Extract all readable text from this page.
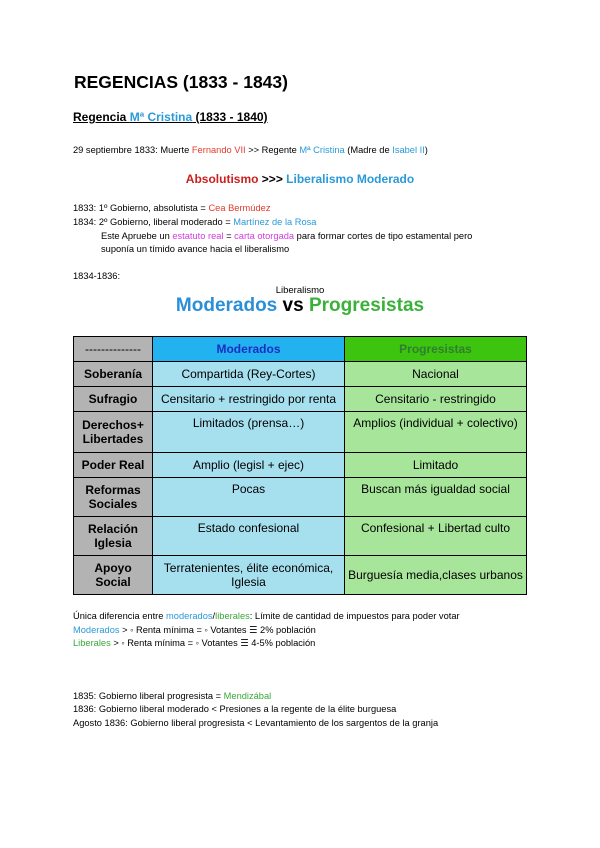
REGENCIAS (1833 - 1843)
Regencia Mª Cristina (1833 - 1840)
29 septiembre 1833: Muerte Fernando VII >> Regente Mª Cristina (Madre de Isabel II)
Absolutismo >>> Liberalismo Moderado
1833: 1º Gobierno, absolutista = Cea Bermúdez
1834: 2º Gobierno, liberal moderado = Martínez de la Rosa
Este Apruebe un estatuto real = carta otorgada para formar cortes de tipo estamental pero
suponía un tímido avance hacia el liberalismo
1834-1836:
Liberalismo
Moderados vs Progresistas
--------------	Moderados	Progresistas
Soberanía	Compartida (Rey-Cortes)	Nacional
Sufragio	Censitario + restringido por renta	Censitario - restringido
Derechos+ Libertades	Limitados (prensa…)	Amplios (individual + colectivo)
Poder Real	Amplio (legisl + ejec)	Limitado
Reformas Sociales	Pocas	Buscan más igualdad social
Relación Iglesia	Estado confesional	Confesional + Libertad culto
Apoyo Social	Terratenientes, élite económica, Iglesia	Burguesía media,clases urbanos
Única diferencia entre moderados/liberales: Límite de cantidad de impuestos para poder votar
Moderados > ◦ Renta mínima = ◦ Votantes ☰ 2% población
Liberales > ◦ Renta mínima = ◦ Votantes ☰ 4-5% población
1835: Gobierno liberal progresista = Mendizábal
1836: Gobierno liberal moderado < Presiones a la regente de la élite burguesa
Agosto 1836: Gobierno liberal progresista < Levantamiento de los sargentos de la granja
